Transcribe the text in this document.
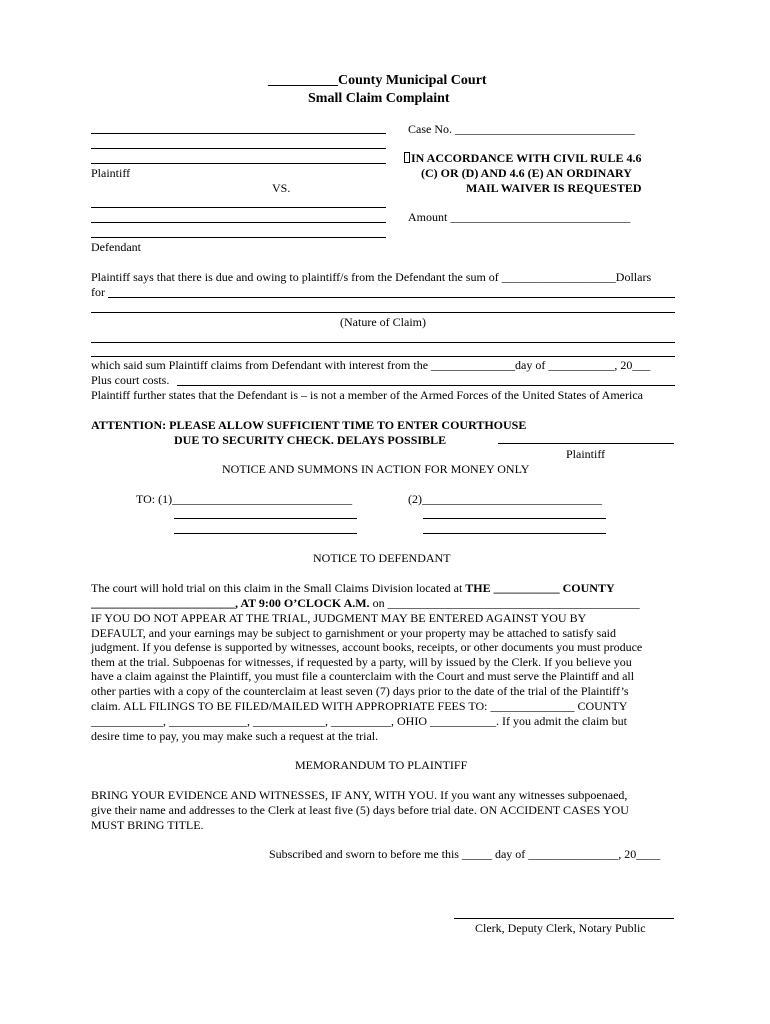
__________County Municipal Court
Small Claim Complaint
Plaintiff
VS.
Defendant
Case No. ______________________________
IN ACCORDANCE WITH CIVIL RULE 4.6
(C) OR (D) AND 4.6 (E) AN ORDINARY
MAIL WAIVER IS REQUESTED
Amount ______________________________
Plaintiff says that there is due and owing to plaintiff/s from the Defendant the sum of ___________________Dollars
for
(Nature of Claim)
which said sum Plaintiff claims from Defendant with interest from the ______________day of ___________, 20___
Plus court costs.
Plaintiff further states that the Defendant is – is not a member of the Armed Forces of the United States of America
ATTENTION: PLEASE ALLOW SUFFICIENT TIME TO ENTER COURTHOUSE
DUE TO SECURITY CHECK. DELAYS POSSIBLE
Plaintiff
NOTICE AND SUMMONS IN ACTION FOR MONEY ONLY
TO: (1)______________________________	(2)______________________________
NOTICE TO DEFENDANT
The court will hold trial on this claim in the Small Claims Division located at THE ___________ COUNTY
________________________, AT 9:00 O’CLOCK A.M. on __________________________________________
IF YOU DO NOT APPEAR AT THE TRIAL, JUDGMENT MAY BE ENTERED AGAINST YOU BY
DEFAULT, and your earnings may be subject to garnishment or your property may be attached to satisfy said
judgment. If you defense is supported by witnesses, account books, receipts, or other documents you must produce
them at the trial. Subpoenas for witnesses, if requested by a party, will by issued by the Clerk. If you believe you
have a claim against the Plaintiff, you must file a counterclaim with the Court and must serve the Plaintiff and all
other parties with a copy of the counterclaim at least seven (7) days prior to the date of the trial of the Plaintiff’s
claim. ALL FILINGS TO BE FILED/MAILED WITH APPROPRIATE FEES TO: ______________ COUNTY
____________, _____________, ____________, __________, OHIO ___________. If you admit the claim but
desire time to pay, you may make such a request at the trial.
MEMORANDUM TO PLAINTIFF
BRING YOUR EVIDENCE AND WITNESSES, IF ANY, WITH YOU. If you want any witnesses subpoenaed,
give their name and addresses to the Clerk at least five (5) days before trial date. ON ACCIDENT CASES YOU
MUST BRING TITLE.
Subscribed and sworn to before me this _____ day of _______________, 20____
Clerk, Deputy Clerk, Notary Public
